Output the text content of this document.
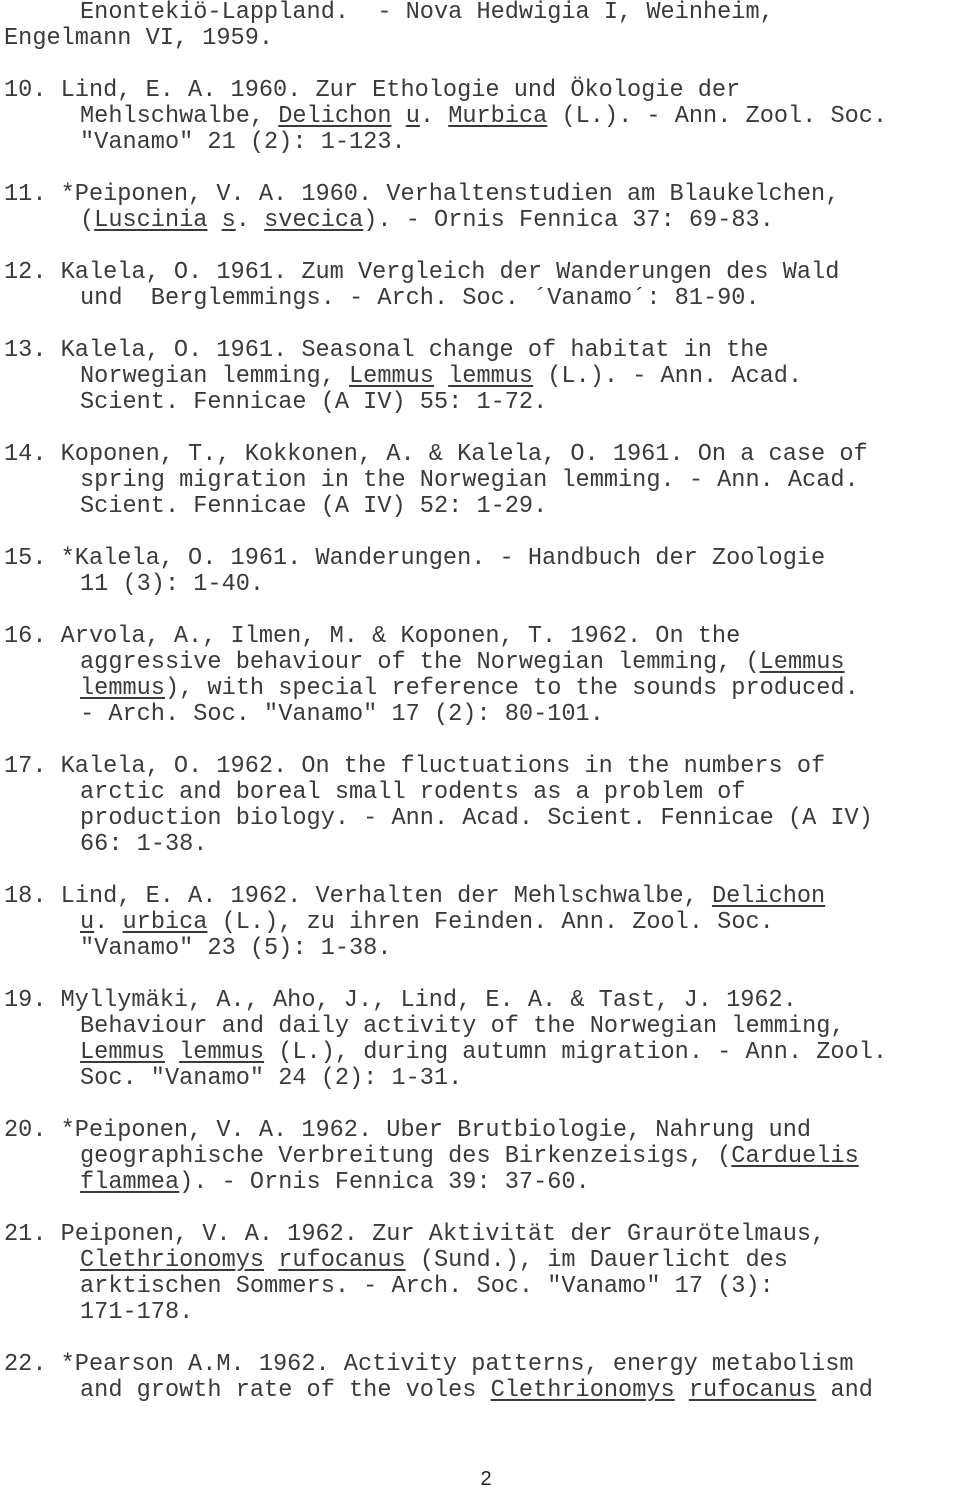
Enontekiö-Lappland.  - Nova Hedwigia I, Weinheim,
Engelmann VI, 1959.
10. Lind, E. A. 1960. Zur Ethologie und Ökologie der
Mehlschwalbe, Delichon u. Murbica (L.). - Ann. Zool. Soc.
"Vanamo" 21 (2): 1-123.
11. *Peiponen, V. A. 1960. Verhaltenstudien am Blaukelchen,
(Luscinia s. svecica). - Ornis Fennica 37: 69-83.
12. Kalela, O. 1961. Zum Vergleich der Wanderungen des Wald
und  Berglemmings. - Arch. Soc. ´Vanamo´: 81-90.
13. Kalela, O. 1961. Seasonal change of habitat in the
Norwegian lemming, Lemmus lemmus (L.). - Ann. Acad.
Scient. Fennicae (A IV) 55: 1-72.
14. Koponen, T., Kokkonen, A. & Kalela, O. 1961. On a case of
spring migration in the Norwegian lemming. - Ann. Acad.
Scient. Fennicae (A IV) 52: 1-29.
15. *Kalela, O. 1961. Wanderungen. - Handbuch der Zoologie
11 (3): 1-40.
16. Arvola, A., Ilmen, M. & Koponen, T. 1962. On the
aggressive behaviour of the Norwegian lemming, (Lemmus
lemmus), with special reference to the sounds produced.
- Arch. Soc. "Vanamo" 17 (2): 80-101.
17. Kalela, O. 1962. On the fluctuations in the numbers of
arctic and boreal small rodents as a problem of
production biology. - Ann. Acad. Scient. Fennicae (A IV)
66: 1-38.
18. Lind, E. A. 1962. Verhalten der Mehlschwalbe, Delichon
u. urbica (L.), zu ihren Feinden. Ann. Zool. Soc.
"Vanamo" 23 (5): 1-38.
19. Myllymäki, A., Aho, J., Lind, E. A. & Tast, J. 1962.
Behaviour and daily activity of the Norwegian lemming,
Lemmus lemmus (L.), during autumn migration. - Ann. Zool.
Soc. "Vanamo" 24 (2): 1-31.
20. *Peiponen, V. A. 1962. Uber Brutbiologie, Nahrung und
geographische Verbreitung des Birkenzeisigs, (Carduelis
flammea). - Ornis Fennica 39: 37-60.
21. Peiponen, V. A. 1962. Zur Aktivität der Graurötelmaus,
Clethrionomys rufocanus (Sund.), im Dauerlicht des
arktischen Sommers. - Arch. Soc. "Vanamo" 17 (3):
171-178.
22. *Pearson A.M. 1962. Activity patterns, energy metabolism
and growth rate of the voles Clethrionomys rufocanus and
2
